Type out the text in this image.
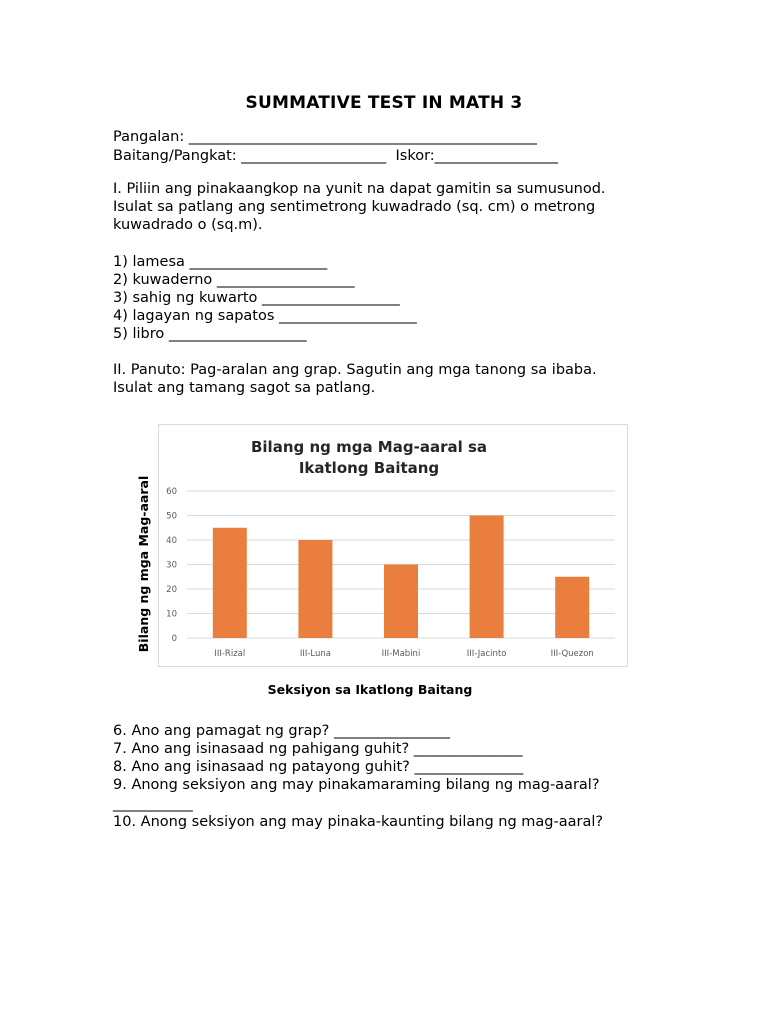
SUMMATIVE TEST IN MATH 3
Pangalan: ________________________________________________
Baitang/Pangkat: ____________________  Iskor:_________________
I. Piliin ang pinakaangkop na yunit na dapat gamitin sa sumusunod.
Isulat sa patlang ang sentimetrong kuwadrado (sq. cm) o metrong
kuwadrado o (sq.m).
1) lamesa ___________________
2) kuwaderno ___________________
3) sahig ng kuwarto ___________________
4) lagayan ng sapatos ___________________
5) libro ___________________
II. Panuto: Pag-aralan ang grap. Sagutin ang mga tanong sa ibaba.
Isulat ang tamang sagot sa patlang.
Bilang ng mga Mag-aaral sa
Ikatlong Baitang
0
10
20
30
40
50
60
III-Rizal	III-Luna	III-Mabini	III-Jacinto	III-Quezon
Seksiyon sa Ikatlong Baitang
Bilang ng mga Mag-aaral
6. Ano ang pamagat ng grap? ________________
7. Ano ang isinasaad ng pahigang guhit? _______________
8. Ano ang isinasaad ng patayong guhit? _______________
9. Anong seksiyon ang may pinakamaraming bilang ng mag-aaral?
___________
10. Anong seksiyon ang may pinaka-kaunting bilang ng mag-aaral?
